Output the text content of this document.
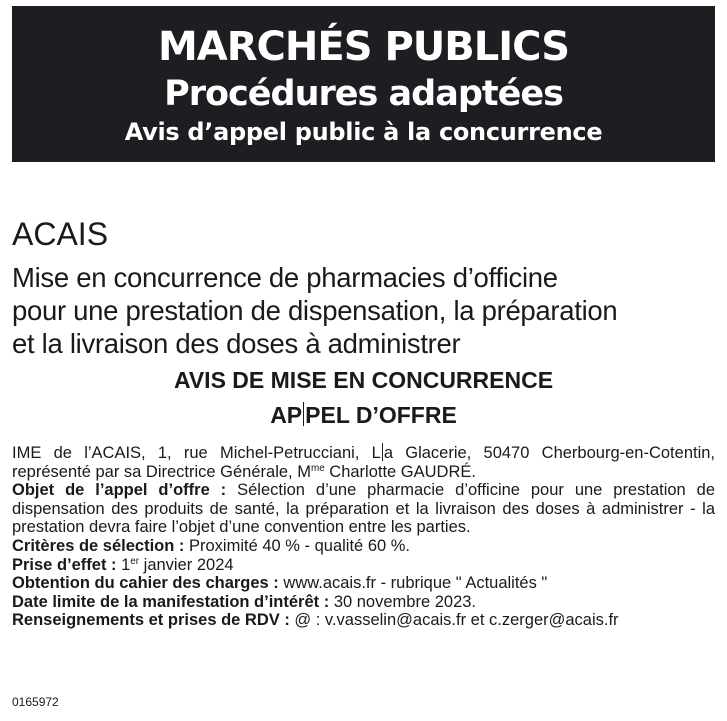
MARCHÉS PUBLICS
Procédures adaptées
Avis d’appel public à la concurrence
ACAIS
Mise en concurrence de pharmacies d’officine
pour une prestation de dispensation, la préparation
et la livraison des doses à administrer
AVIS DE MISE EN CONCURRENCE
AP PEL D’OFFRE

IME de l’ACAIS, 1, rue Michel-Petrucciani, L a Glacerie, 50470 Cherbourg-en-Cotentin, représenté par sa Directrice Générale, $M^{me}$ Charlotte GAUDRÉ.

Objet de l’appel d’offre : Sélection d’une pharmacie d’officine pour une prestation de dispensation des produits de santé, la préparation et la livraison des doses à administrer - la prestation devra faire l’objet d’une convention entre les parties.

Critères de sélection : Proximité 40 % - qualité 60 %.

Prise d’effet : 1er janvier 2024

Obtention du cahier des charges : www.acais.fr - rubrique " Actualités "

Date limite de la manifestation d’intérêt : 30 novembre 2023.

Renseignements et prises de RDV : @ : v.vasselin@acais.fr et c.zerger@acais.fr

0165972
